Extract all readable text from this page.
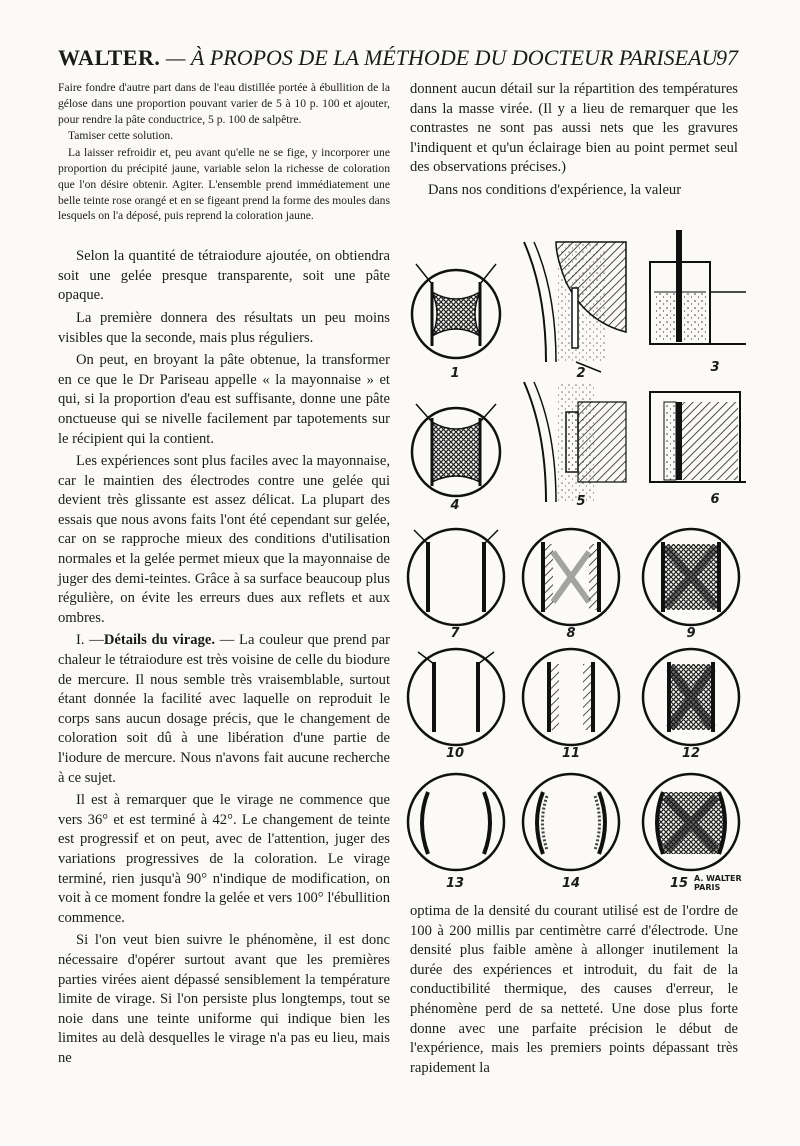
WALTER. — À PROPOS DE LA MÉTHODE DU DOCTEUR PARISEAU
97

Faire fondre d'autre part dans de l'eau distillée portée à ébullition de la gélose dans une proportion pouvant varier de 5 à 10 p. 100 et ajouter, pour rendre la pâte conductrice, 5 p. 100 de salpêtre.

Tamiser cette solution.

La laisser refroidir et, peu avant qu'elle ne se fige, y incorporer une proportion du précipité jaune, variable selon la richesse de coloration que l'on désire obtenir. Agiter. L'ensemble prend immédiatement une belle teinte rose orangé et en se figeant prend la forme des moules dans lesquels on l'a déposé, puis reprend la coloration jaune.

Selon la quantité de tétraiodure ajoutée, on obtiendra soit une gelée presque transparente, soit une pâte opaque.

La première donnera des résultats un peu moins visibles que la seconde, mais plus réguliers.

On peut, en broyant la pâte obtenue, la transformer en ce que le Dr Pariseau appelle « la mayonnaise » et qui, si la proportion d'eau est suffisante, donne une pâte onctueuse qui se nivelle facilement par tapotements sur le récipient qui la contient.

Les expériences sont plus faciles avec la mayonnaise, car le maintien des électrodes contre une gelée qui devient très glissante est assez délicat. La plupart des essais que nous avons faits l'ont été cependant sur gelée, car on se rapproche mieux des conditions d'utilisation normales et la gelée permet mieux que la mayonnaise de juger des demi-teintes. Grâce à sa surface beaucoup plus régulière, on évite les erreurs dues aux reflets et aux ombres.

I. —Détails du virage. — La couleur que prend par chaleur le tétraiodure est très voisine de celle du biodure de mercure. Il nous semble très vraisemblable, surtout étant donnée la facilité avec laquelle on reproduit le corps sans aucun dosage précis, que le changement de coloration soit dû à une libération d'une partie de l'iodure de mercure. Nous n'avons fait aucune recherche à ce sujet.

Il est à remarquer que le virage ne commence que vers 36° et est terminé à 42°. Le changement de teinte est progressif et on peut, avec de l'attention, juger des variations progressives de la coloration. Le virage terminé, rien jusqu'à 90° n'indique de modification, on voit à ce moment fondre la gelée et vers 100° l'ébullition commence.

Si l'on veut bien suivre le phénomène, il est donc nécessaire d'opérer surtout avant que les premières parties virées aient dépassé sensiblement la température limite de virage. Si l'on persiste plus longtemps, tout se noie dans une teinte uniforme qui indique bien les limites au delà desquelles le virage n'a pas eu lieu, mais ne

donnent aucun détail sur la répartition des températures dans la masse virée. (Il y a lieu de remarquer que les contrastes ne sont pas aussi nets que les gravures l'indiquent et qu'un éclairage bien au point permet seul des observations précises.)

Dans nos conditions d'expérience, la valeur

1	2	3
4	5	6
7	8	9
10	11	12
13	14	15 A. WALTER
PARIS

optima de la densité du courant utilisé est de l'ordre de 100 à 200 millis par centimètre carré d'électrode. Une densité plus faible amène à allonger inutilement la durée des expériences et introduit, du fait de la conductibilité thermique, des causes d'erreur, le phénomène perd de sa netteté. Une dose plus forte donne avec une parfaite précision le début de l'expérience, mais les premiers points dépassant très rapidement la
